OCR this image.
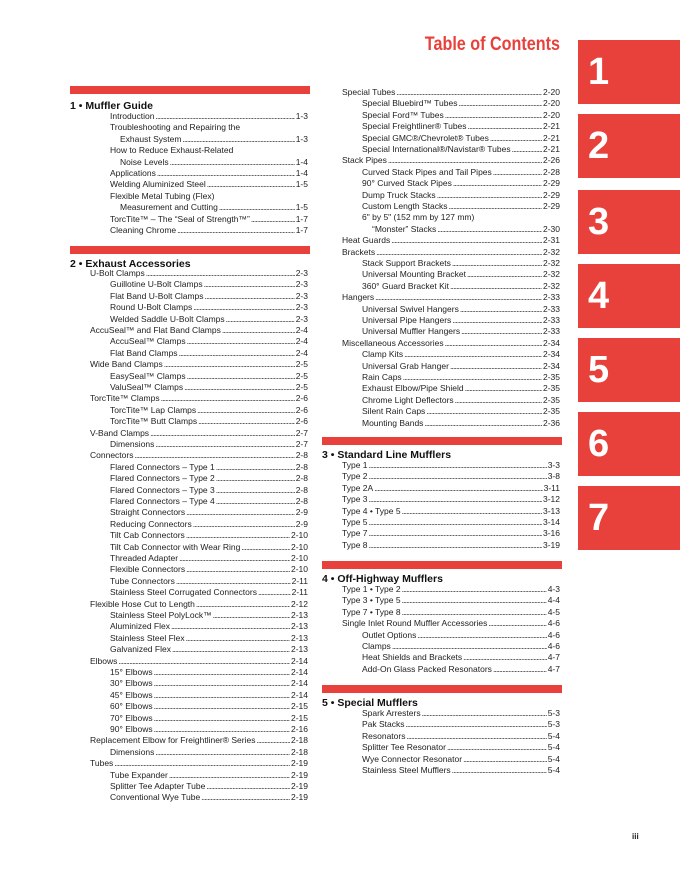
Table of Contents
1
2
3
4
5
6
7
1 • Muffler Guide
Introduction . . .	1-3
Troubleshooting and Repairing the
Exhaust System . . .	1-3
How to Reduce Exhaust-Related
Noise Levels . . .	1-4
Applications . . .	1-4
Welding Aluminized Steel . . .	1-5
Flexible Metal Tubing (Flex)
Measurement and Cutting . . .	1-5
TorcTite™ – The “Seal of Strength™” . . .	1-7
Cleaning Chrome . . .	1-7
2 • Exhaust Accessories
U-Bolt Clamps . . .	2-3
Guillotine U-Bolt Clamps . . .	2-3
Flat Band U-Bolt Clamps . . .	2-3
Round U-Bolt Clamps . . .	2-3
Welded Saddle U-Bolt Clamps . . .	2-3
AccuSeal™ and Flat Band Clamps . . .	2-4
AccuSeal™ Clamps . . .	2-4
Flat Band Clamps . . .	2-4
Wide Band Clamps . . .	2-5
EasySeal™ Clamps . . .	2-5
ValuSeal™ Clamps . . .	2-5
TorcTite™ Clamps . . .	2-6
TorcTite™ Lap Clamps . . .	2-6
TorcTite™ Butt Clamps . . .	2-6
V-Band Clamps . . .	2-7
Dimensions . . .	2-7
Connectors . . .	2-8
Flared Connectors – Type 1 . . .	2-8
Flared Connectors – Type 2 . . .	2-8
Flared Connectors – Type 3 . . .	2-8
Flared Connectors – Type 4 . . .	2-8
Straight Connectors . . .	2-9
Reducing Connectors . . .	2-9
Tilt Cab Connectors . . .	2-10
Tilt Cab Connector with Wear Ring . . .	2-10
Threaded Adapter . . .	2-10
Flexible Connectors . . .	2-10
Tube Connectors . . .	2-11
Stainless Steel Corrugated Connectors . . .	2-11
Flexible Hose Cut to Length . . .	2-12
Stainless Steel PolyLock™ . . .	2-13
Aluminized Flex . . .	2-13
Stainless Steel Flex . . .	2-13
Galvanized Flex . . .	2-13
Elbows . . .	2-14
15° Elbows . . .	2-14
30° Elbows . . .	2-14
45° Elbows . . .	2-14
60° Elbows . . .	2-15
70° Elbows . . .	2-15
90° Elbows . . .	2-16
Replacement Elbow for Freightliner® Series . . .	2-18
Dimensions . . .	2-18
Tubes . . .	2-19
Tube Expander . . .	2-19
Splitter Tee Adapter Tube . . .	2-19
Conventional Wye Tube . . .	2-19
Special Tubes . . .	2-20
Special Bluebird™ Tubes . . .	2-20
Special Ford™ Tubes . . .	2-20
Special Freightliner® Tubes . . .	2-21
Special GMC®/Chevrolet® Tubes . . .	2-21
Special International®/Navistar® Tubes . . .	2-21
Stack Pipes . . .	2-26
Curved Stack Pipes and Tail Pipes . . .	2-28
90° Curved Stack Pipes . . .	2-29
Dump Truck Stacks . . .	2-29
Custom Length Stacks . . .	2-29
6" by 5" (152 mm by 127 mm)
“Monster” Stacks . . .	2-30
Heat Guards . . .	2-31
Brackets . . .	2-32
Stack Support Brackets . . .	2-32
Universal Mounting Bracket . . .	2-32
360° Guard Bracket Kit . . .	2-32
Hangers . . .	2-33
Universal Swivel Hangers . . .	2-33
Universal Pipe Hangers . . .	2-33
Universal Muffler Hangers . . .	2-33
Miscellaneous Accessories . . .	2-34
Clamp Kits . . .	2-34
Universal Grab Hanger . . .	2-34
Rain Caps . . .	2-35
Exhaust Elbow/Pipe Shield . . .	2-35
Chrome Light Deflectors . . .	2-35
Silent Rain Caps . . .	2-35
Mounting Bands . . .	2-36
3 • Standard Line Mufflers
Type 1 . . .	3-3
Type 2 . . .	3-8
Type 2A . . .	3-11
Type 3 . . .	3-12
Type 4 • Type 5 . . .	3-13
Type 5 . . .	3-14
Type 7 . . .	3-16
Type 8 . . .	3-19
4 • Off-Highway Mufflers
Type 1 • Type 2 . . .	4-3
Type 3 • Type 5 . . .	4-4
Type 7 • Type 8 . . .	4-5
Single Inlet Round Muffler Accessories . . .	4-6
Outlet Options . . .	4-6
Clamps . . .	4-6
Heat Shields and Brackets . . .	4-7
Add-On Glass Packed Resonators . . .	4-7
5 • Special Mufflers
Spark Arresters . . .	5-3
Pak Stacks . . .	5-3
Resonators . . .	5-4
Splitter Tee Resonator . . .	5-4
Wye Connector Resonator . . .	5-4
Stainless Steel Mufflers . . .	5-4
iii
